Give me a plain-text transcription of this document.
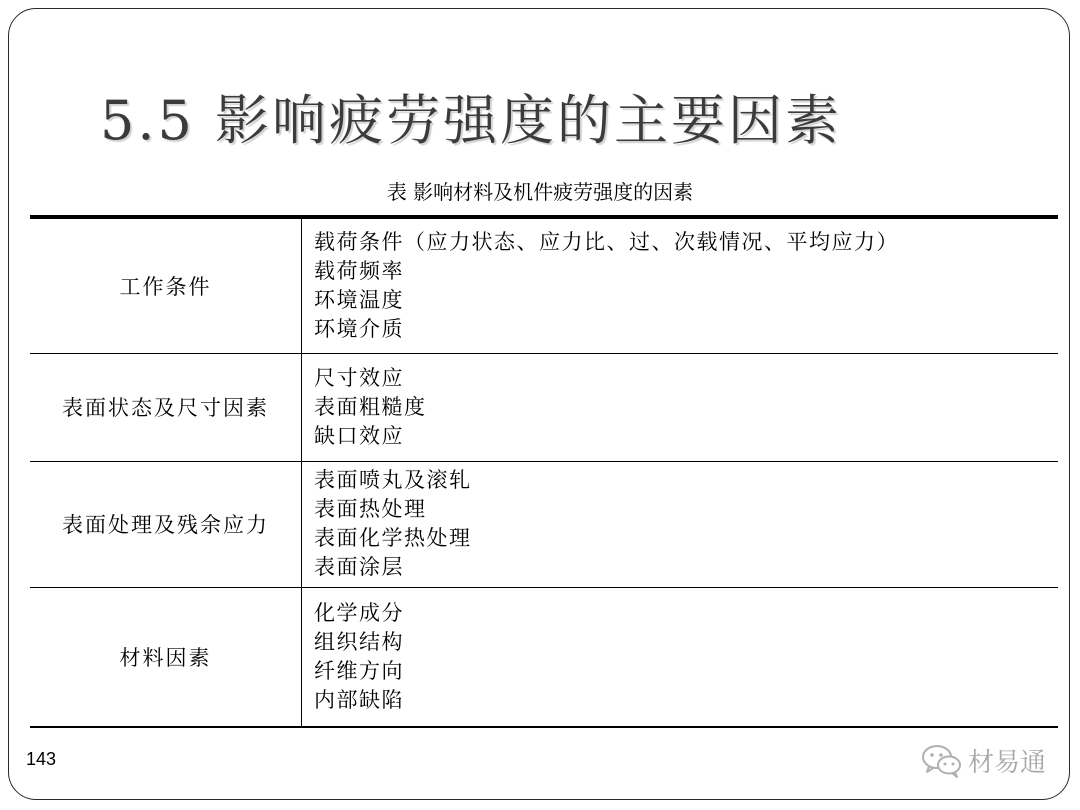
5.5 影响疲劳强度的主要因素
表 影响材料及机件疲劳强度的因素
工作条件	载荷条件（应力状态、应力比、过、次载情况、平均应力）
载荷频率
环境温度
环境介质

表面状态及尺寸因素	尺寸效应
表面粗糙度
缺口效应

表面处理及残余应力	表面喷丸及滚轧
表面热处理
表面化学热处理
表面涂层

材料因素	化学成分
组织结构
纤维方向
内部缺陷
143	材易通
